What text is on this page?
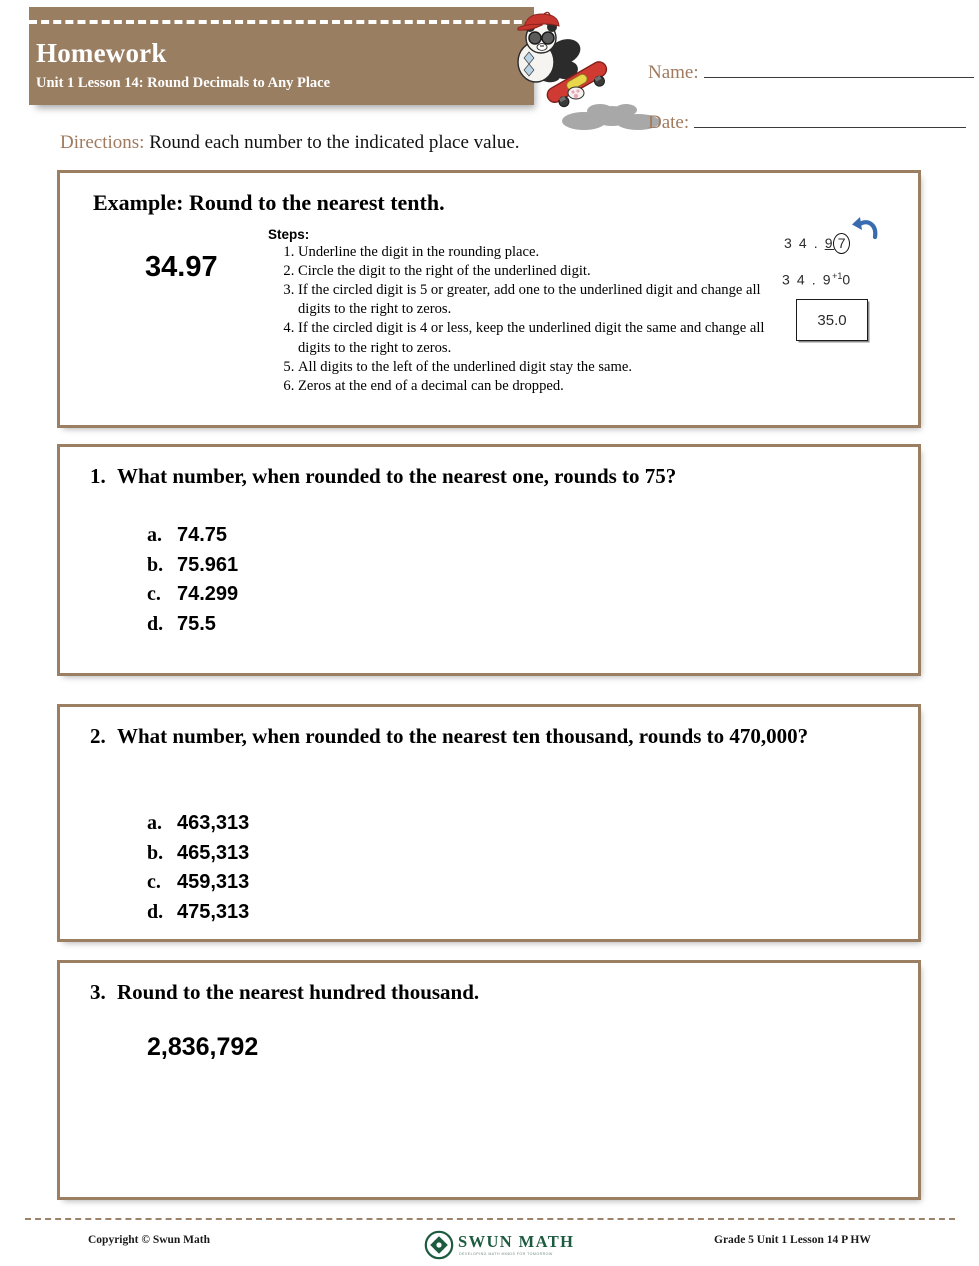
Homework
Unit 1 Lesson 14: Round Decimals to Any Place	Name:
Date:
Directions: Round each number to the indicated place value.
Example: Round to the nearest tenth.
34.97
Steps:
1. Underline the digit in the rounding place.
2. Circle the digit to the right of the underlined digit.
3. If the circled digit is 5 or greater, add one to the underlined digit and change all digits to the right to zeros.
4. If the circled digit is 4 or less, keep the underlined digit the same and change all digits to the right to zeros.
5. All digits to the left of the underlined digit stay the same.
6. Zeros at the end of a decimal can be dropped.
3 4 . 9 7
3 4 . $9^{+1}0$
35.0
1. What number, when rounded to the nearest one, rounds to 75?
a. 74.75
b. 75.961
c. 74.299
d. 75.5
2. What number, when rounded to the nearest ten thousand, rounds to 470,000?
a. 463,313
b. 465,313
c. 459,313
d. 475,313
3. Round to the nearest hundred thousand.
2,836,792
Copyright © Swun Math	Grade 5 Unit 1 Lesson 14 P HW
SWUN MATH
DEVELOPING MATH MINDS FOR TOMORROW
